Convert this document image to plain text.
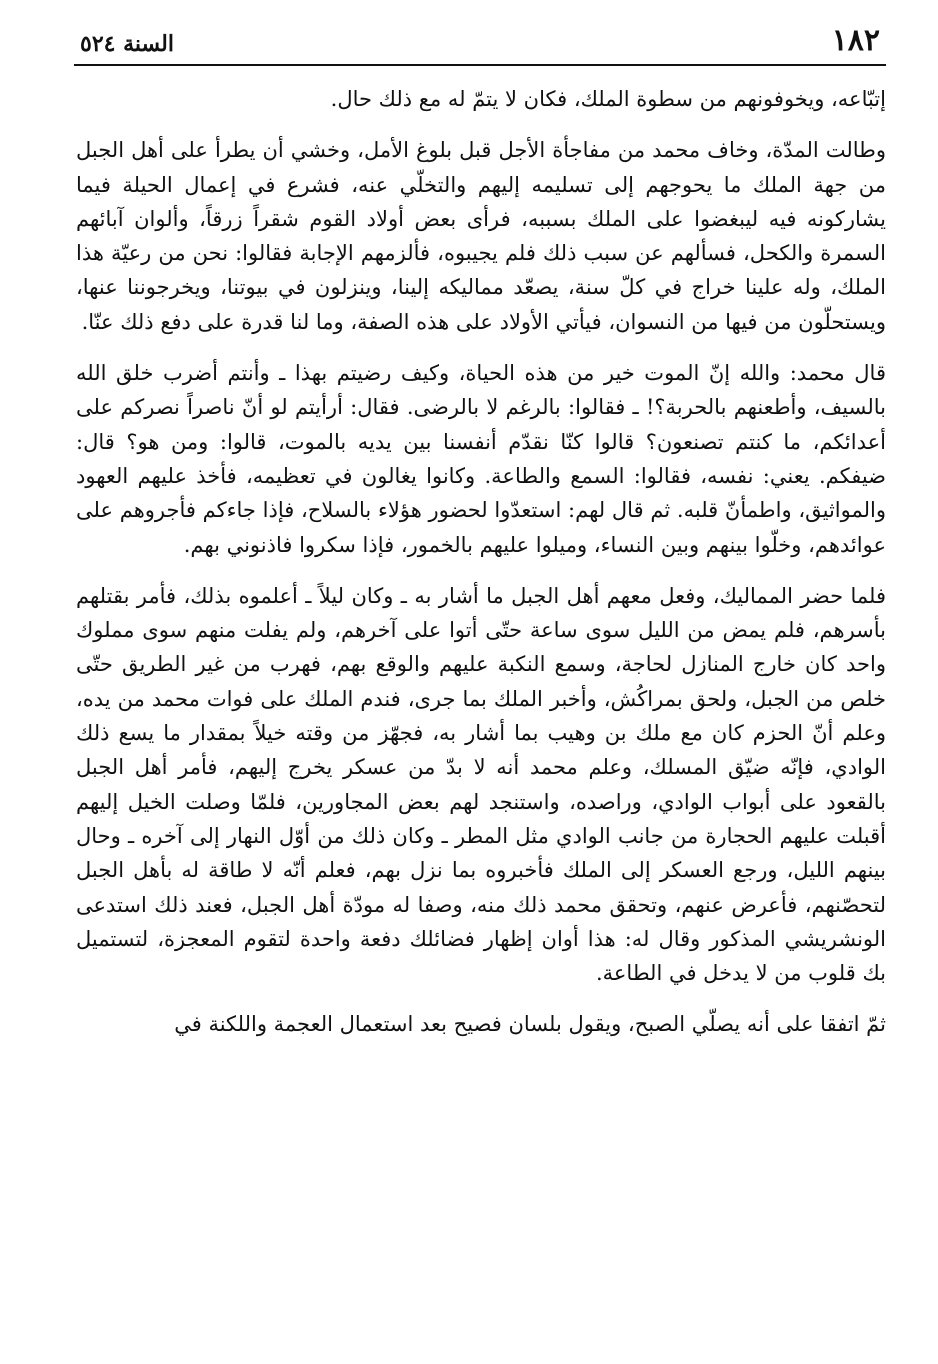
١٨٢
السنة ٥٢٤

إتبّاعه، ويخوفونهم من سطوة الملك، فكان لا يتمّ له مع ذلك حال.

وطالت المدّة، وخاف محمد من مفاجأة الأجل قبل بلوغ الأمل، وخشي أن يطرأ على أهل الجبل من جهة الملك ما يحوجهم إلى تسليمه إليهم والتخلّي عنه، فشرع في إعمال الحيلة فيما يشاركونه فيه ليبغضوا على الملك بسببه، فرأى بعض أولاد القوم شقراً زرقاً، وألوان آبائهم السمرة والكحل، فسألهم عن سبب ذلك فلم يجيبوه، فألزمهم الإجابة فقالوا: نحن من رعيّة هذا الملك، وله علينا خراج في كلّ سنة، يصعّد مماليكه إلينا، وينزلون في بيوتنا، ويخرجوننا عنها، ويستحلّون من فيها من النسوان، فيأتي الأولاد على هذه الصفة، وما لنا قدرة على دفع ذلك عنّا.

قال محمد: والله إنّ الموت خير من هذه الحياة، وكيف رضيتم بهذا ـ وأنتم أضرب خلق الله بالسيف، وأطعنهم بالحربة؟! ـ فقالوا: بالرغم لا بالرضى. فقال: أرأيتم لو أنّ ناصراً نصركم على أعدائكم، ما كنتم تصنعون؟ قالوا كنّا نقدّم أنفسنا بين يديه بالموت، قالوا: ومن هو؟ قال: ضيفكم. يعني: نفسه، فقالوا: السمع والطاعة. وكانوا يغالون في تعظيمه، فأخذ عليهم العهود والمواثيق، واطمأنّ قلبه. ثم قال لهم: استعدّوا لحضور هؤلاء بالسلاح، فإذا جاءكم فأجروهم على عوائدهم، وخلّوا بينهم وبين النساء، وميلوا عليهم بالخمور، فإذا سكروا فاذنوني بهم.

فلما حضر المماليك، وفعل معهم أهل الجبل ما أشار به ـ وكان ليلاً ـ أعلموه بذلك، فأمر بقتلهم بأسرهم، فلم يمض من الليل سوى ساعة حتّى أتوا على آخرهم، ولم يفلت منهم سوى مملوك واحد كان خارج المنازل لحاجة، وسمع النكبة عليهم والوقع بهم، فهرب من غير الطريق حتّى خلص من الجبل، ولحق بمراكُش، وأخبر الملك بما جرى، فندم الملك على فوات محمد من يده، وعلم أنّ الحزم كان مع ملك بن وهيب بما أشار به، فجهّز من وقته خيلاً بمقدار ما يسع ذلك الوادي، فإنّه ضيّق المسلك، وعلم محمد أنه لا بدّ من عسكر يخرج إليهم، فأمر أهل الجبل بالقعود على أبواب الوادي، وراصده، واستنجد لهم بعض المجاورين، فلمّا وصلت الخيل إليهم أقبلت عليهم الحجارة من جانب الوادي مثل المطر ـ وكان ذلك من أوّل النهار إلى آخره ـ وحال بينهم الليل، ورجع العسكر إلى الملك فأخبروه بما نزل بهم، فعلم أنّه لا طاقة له بأهل الجبل لتحصّنهم، فأعرض عنهم، وتحقق محمد ذلك منه، وصفا له مودّة أهل الجبل، فعند ذلك استدعى الونشريشي المذكور وقال له: هذا أوان إظهار فضائلك دفعة واحدة لتقوم المعجزة، لتستميل بك قلوب من لا يدخل في الطاعة.

ثمّ اتفقا على أنه يصلّي الصبح، ويقول بلسان فصيح بعد استعمال العجمة واللكنة في
